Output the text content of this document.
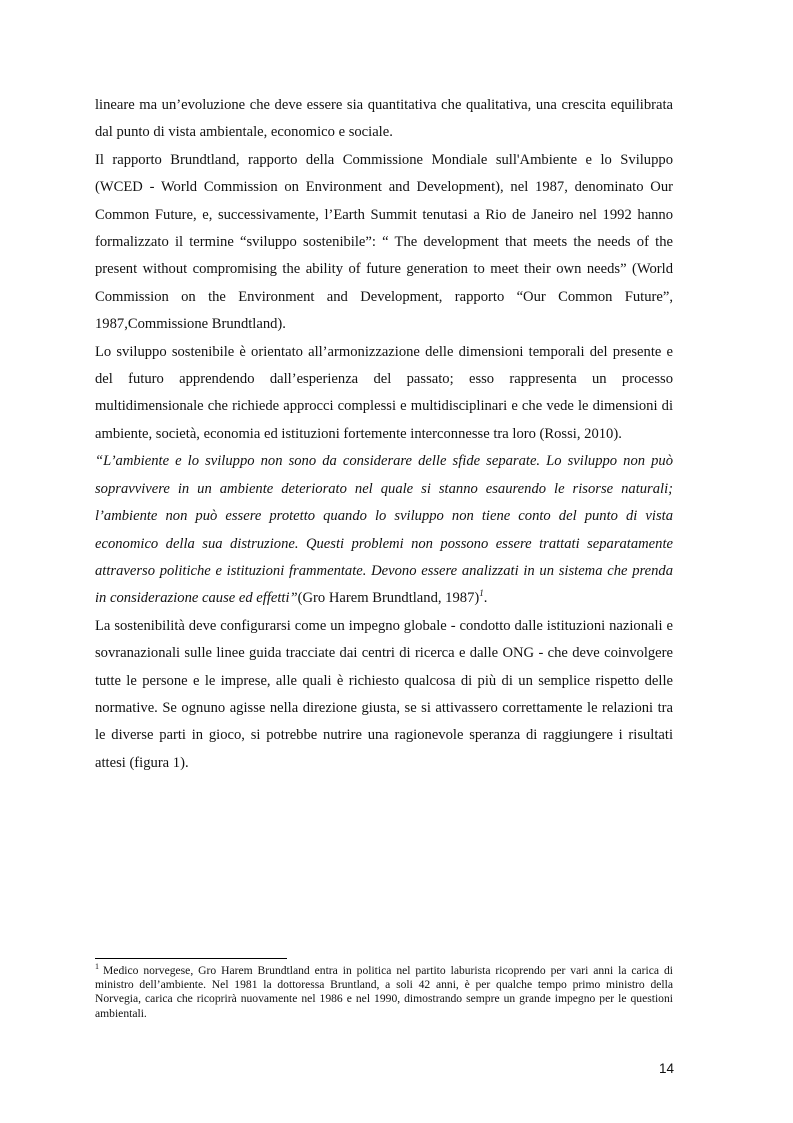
lineare ma un’evoluzione che deve essere sia quantitativa che qualitativa, una crescita equilibrata dal punto di vista ambientale, economico e sociale.

Il rapporto Brundtland, rapporto della Commissione Mondiale sull'Ambiente e lo Sviluppo (WCED - World Commission on Environment and Development), nel 1987, denominato Our Common Future, e, successivamente, l’Earth Summit tenutasi a Rio de Janeiro nel 1992 hanno formalizzato il termine “sviluppo sostenibile”: “ The development that meets the needs of the present without compromising the ability of future generation to meet their own needs” (World Commission on the Environment and Development, rapporto “Our Common Future”, 1987,Commissione Brundtland).

Lo sviluppo sostenibile è orientato all’armonizzazione delle dimensioni temporali del presente e del futuro apprendendo dall’esperienza del passato; esso rappresenta un processo multidimensionale che richiede approcci complessi e multidisciplinari e che vede le dimensioni di ambiente, società, economia ed istituzioni fortemente interconnesse tra loro (Rossi, 2010).

“L’ambiente e lo sviluppo non sono da considerare delle sfide separate. Lo sviluppo non può sopravvivere in un ambiente deteriorato nel quale si stanno esaurendo le risorse naturali; l’ambiente non può essere protetto quando lo sviluppo non tiene conto del punto di vista economico della sua distruzione. Questi problemi non possono essere trattati separatamente attraverso politiche e istituzioni frammentate. Devono essere analizzati in un sistema che prenda in considerazione cause ed effetti”(Gro Harem Brundtland, 1987)$^1$.

La sostenibilità deve configurarsi come un impegno globale - condotto dalle istituzioni nazionali e sovranazionali sulle linee guida tracciate dai centri di ricerca e dalle ONG - che deve coinvolgere tutte le persone e le imprese, alle quali è richiesto qualcosa di più di un semplice rispetto delle normative. Se ognuno agisse nella direzione giusta, se si attivassero correttamente le relazioni tra le diverse parti in gioco, si potrebbe nutrire una ragionevole speranza di raggiungere i risultati attesi (figura 1).

$^1$ Medico norvegese, Gro Harem Brundtland entra in politica nel partito laburista ricoprendo per vari anni la carica di ministro dell’ambiente. Nel 1981 la dottoressa Bruntland, a soli 42 anni, è per qualche tempo primo ministro della Norvegia, carica che ricoprirà nuovamente nel 1986 e nel 1990, dimostrando sempre un grande impegno per le questioni ambientali.
14
